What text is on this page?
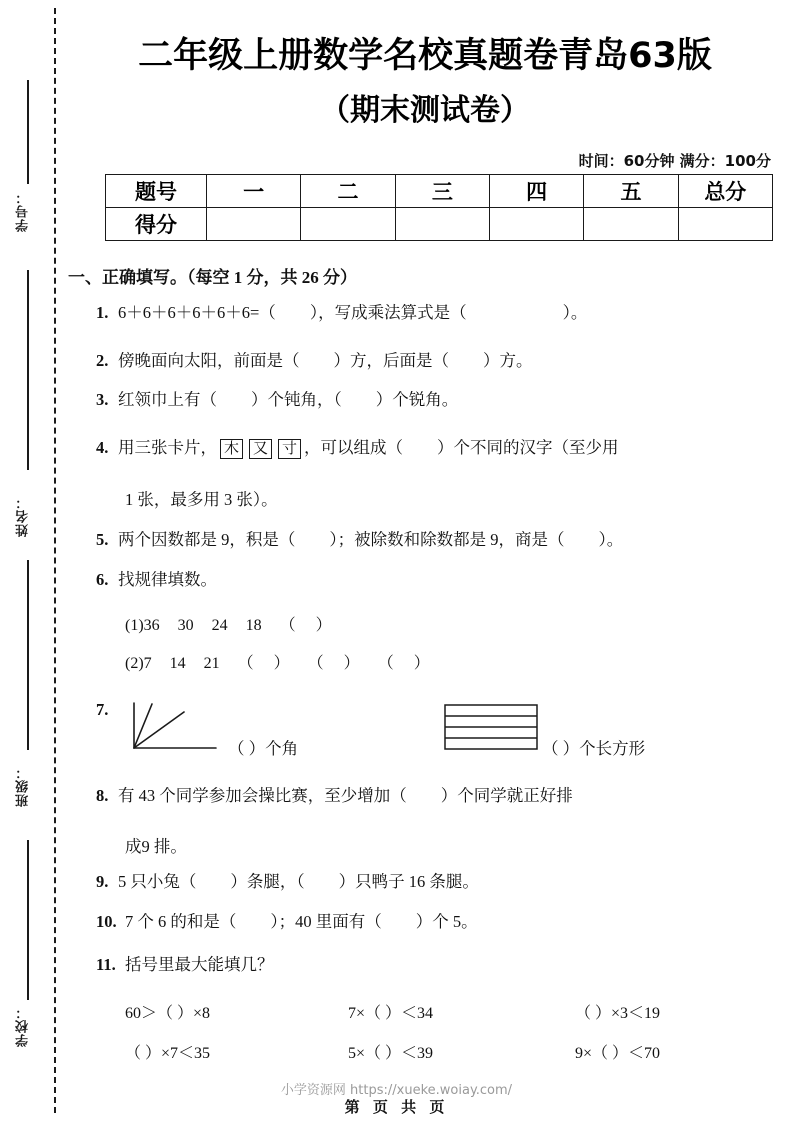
学号：
姓名：
班级：
学校：
二年级上册数学名校真题卷青岛63版
（期末测试卷）
时间：60分钟 满分：100分
题号	一	二	三	四	五	总分
得分						
一、正确填写。（每空 1 分，共 26 分）
1. 6＋6＋6＋6＋6＋6=（ ），写成乘法算式是（	）。
2. 傍晚面向太阳，前面是（ ）方，后面是（ ）方。
3. 红领巾上有（ ）个钝角，（ ）个锐角。
4. 用三张卡片， 木 又 寸 ，可以组成（ ）个不同的汉字（至少用
1 张，最多用 3 张）。
5. 两个因数都是 9，积是（ ）；被除数和除数都是 9，商是（ ）。
6. 找规律填数。
(1)36 30 24 18 （     ）
(2)7 14 21 （     ） （     ） （     ）
7.
（ ）个角	（ ）个长方形
8. 有 43 个同学参加会操比赛，至少增加（ ）个同学就正好排
成9 排。
9. 5 只小兔（ ）条腿，（ ）只鸭子 16 条腿。
10. 7 个 6 的和是（ ）；40 里面有（ ）个 5。
11. 括号里最大能填几？
60＞（ ）×8	7×（ ）＜34	（ ）×3＜19
（ ）×7＜35	5×（ ）＜39	9×（ ）＜70
小学资源网 https://xueke.woiay.com/
第 页 共 页
